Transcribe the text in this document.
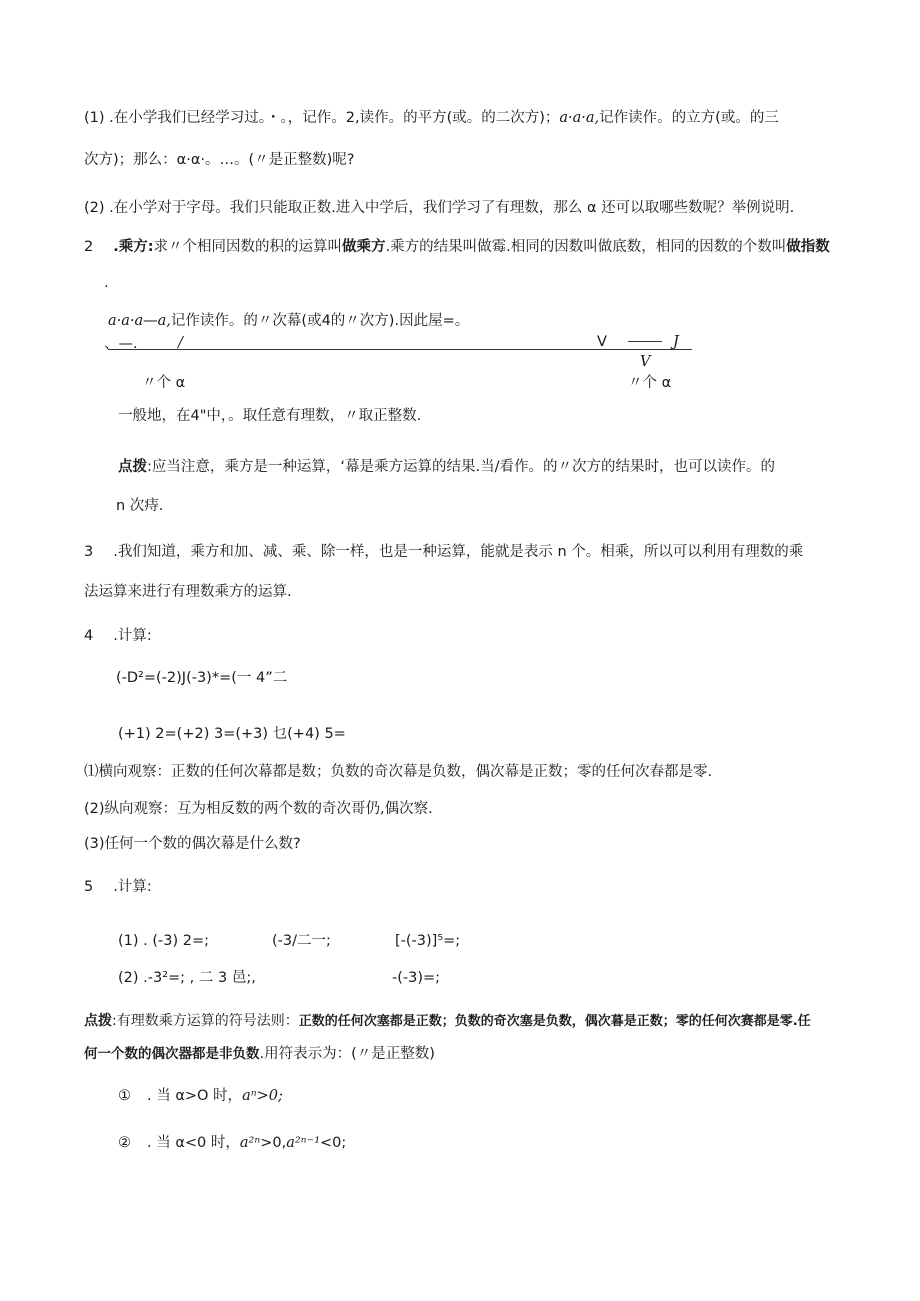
(1) .在小学我们已经学习过。・。，记作。2,读作。的平方(或。的二次方)；a·a·a,记作读作。的立方(或。的三
次方)；那么：α·α·。…。(〃是正整数)呢?
(2) .在小学对于字母。我们只能取正数.进入中学后，我们学习了有理数，那么 α 还可以取哪些数呢？举例说明.
2 .乘方:求〃个相同因数的积的运算叫做乘方.乘方的结果叫做霉.相同的因数叫做底数，相同的因数的个数叫做指数
.
a·a·a—a,记作读作。的〃次幕(或4的〃次方).因此屋=。
、—.	/	V	J
V
〃个 α	〃个 α
一般地，在4"中，。取任意有理数，〃取正整数.
点拨:应当注意，乘方是一种运算，‘幕是乘方运算的结果.当/看作。的〃次方的结果时，也可以读作。的
n 次痔.
3 .我们知道，乘方和加、减、乘、除一样，也是一种运算，能就是表示 n 个。相乘，所以可以利用有理数的乘
法运算来进行有理数乘方的运算.
4 .计算:
(-D²=(-2)J(-3)*=(一 4”二
(+1) 2=(+2) 3=(+3) 乜(+4) 5=
⑴横向观察：正数的任何次幕都是数；负数的奇次幕是负数，偶次幕是正数；零的任何次春都是零.
(2)纵向观察：互为相反数的两个数的奇次哥仍,偶次察.
(3)任何一个数的偶次幕是什么数?
5 .计算:
(1) . (-3) 2=;	(-3/二一;	[-(-3)]⁵=;
(2) .-3²=; , 二 3 邑;,	-(-3)=;
点拨:有理数乘方运算的符号法则：正数的任何次塞都是正数；负数的奇次塞是负数，偶次暮是正数；零的任何次赛都是零.任
何一个数的偶次器都是非负数.用符表示为：(〃是正整数)
① . 当 α>O 时，aⁿ>0;
② . 当 α<0 时，a²ⁿ>0,a²ⁿ⁻¹<0;
